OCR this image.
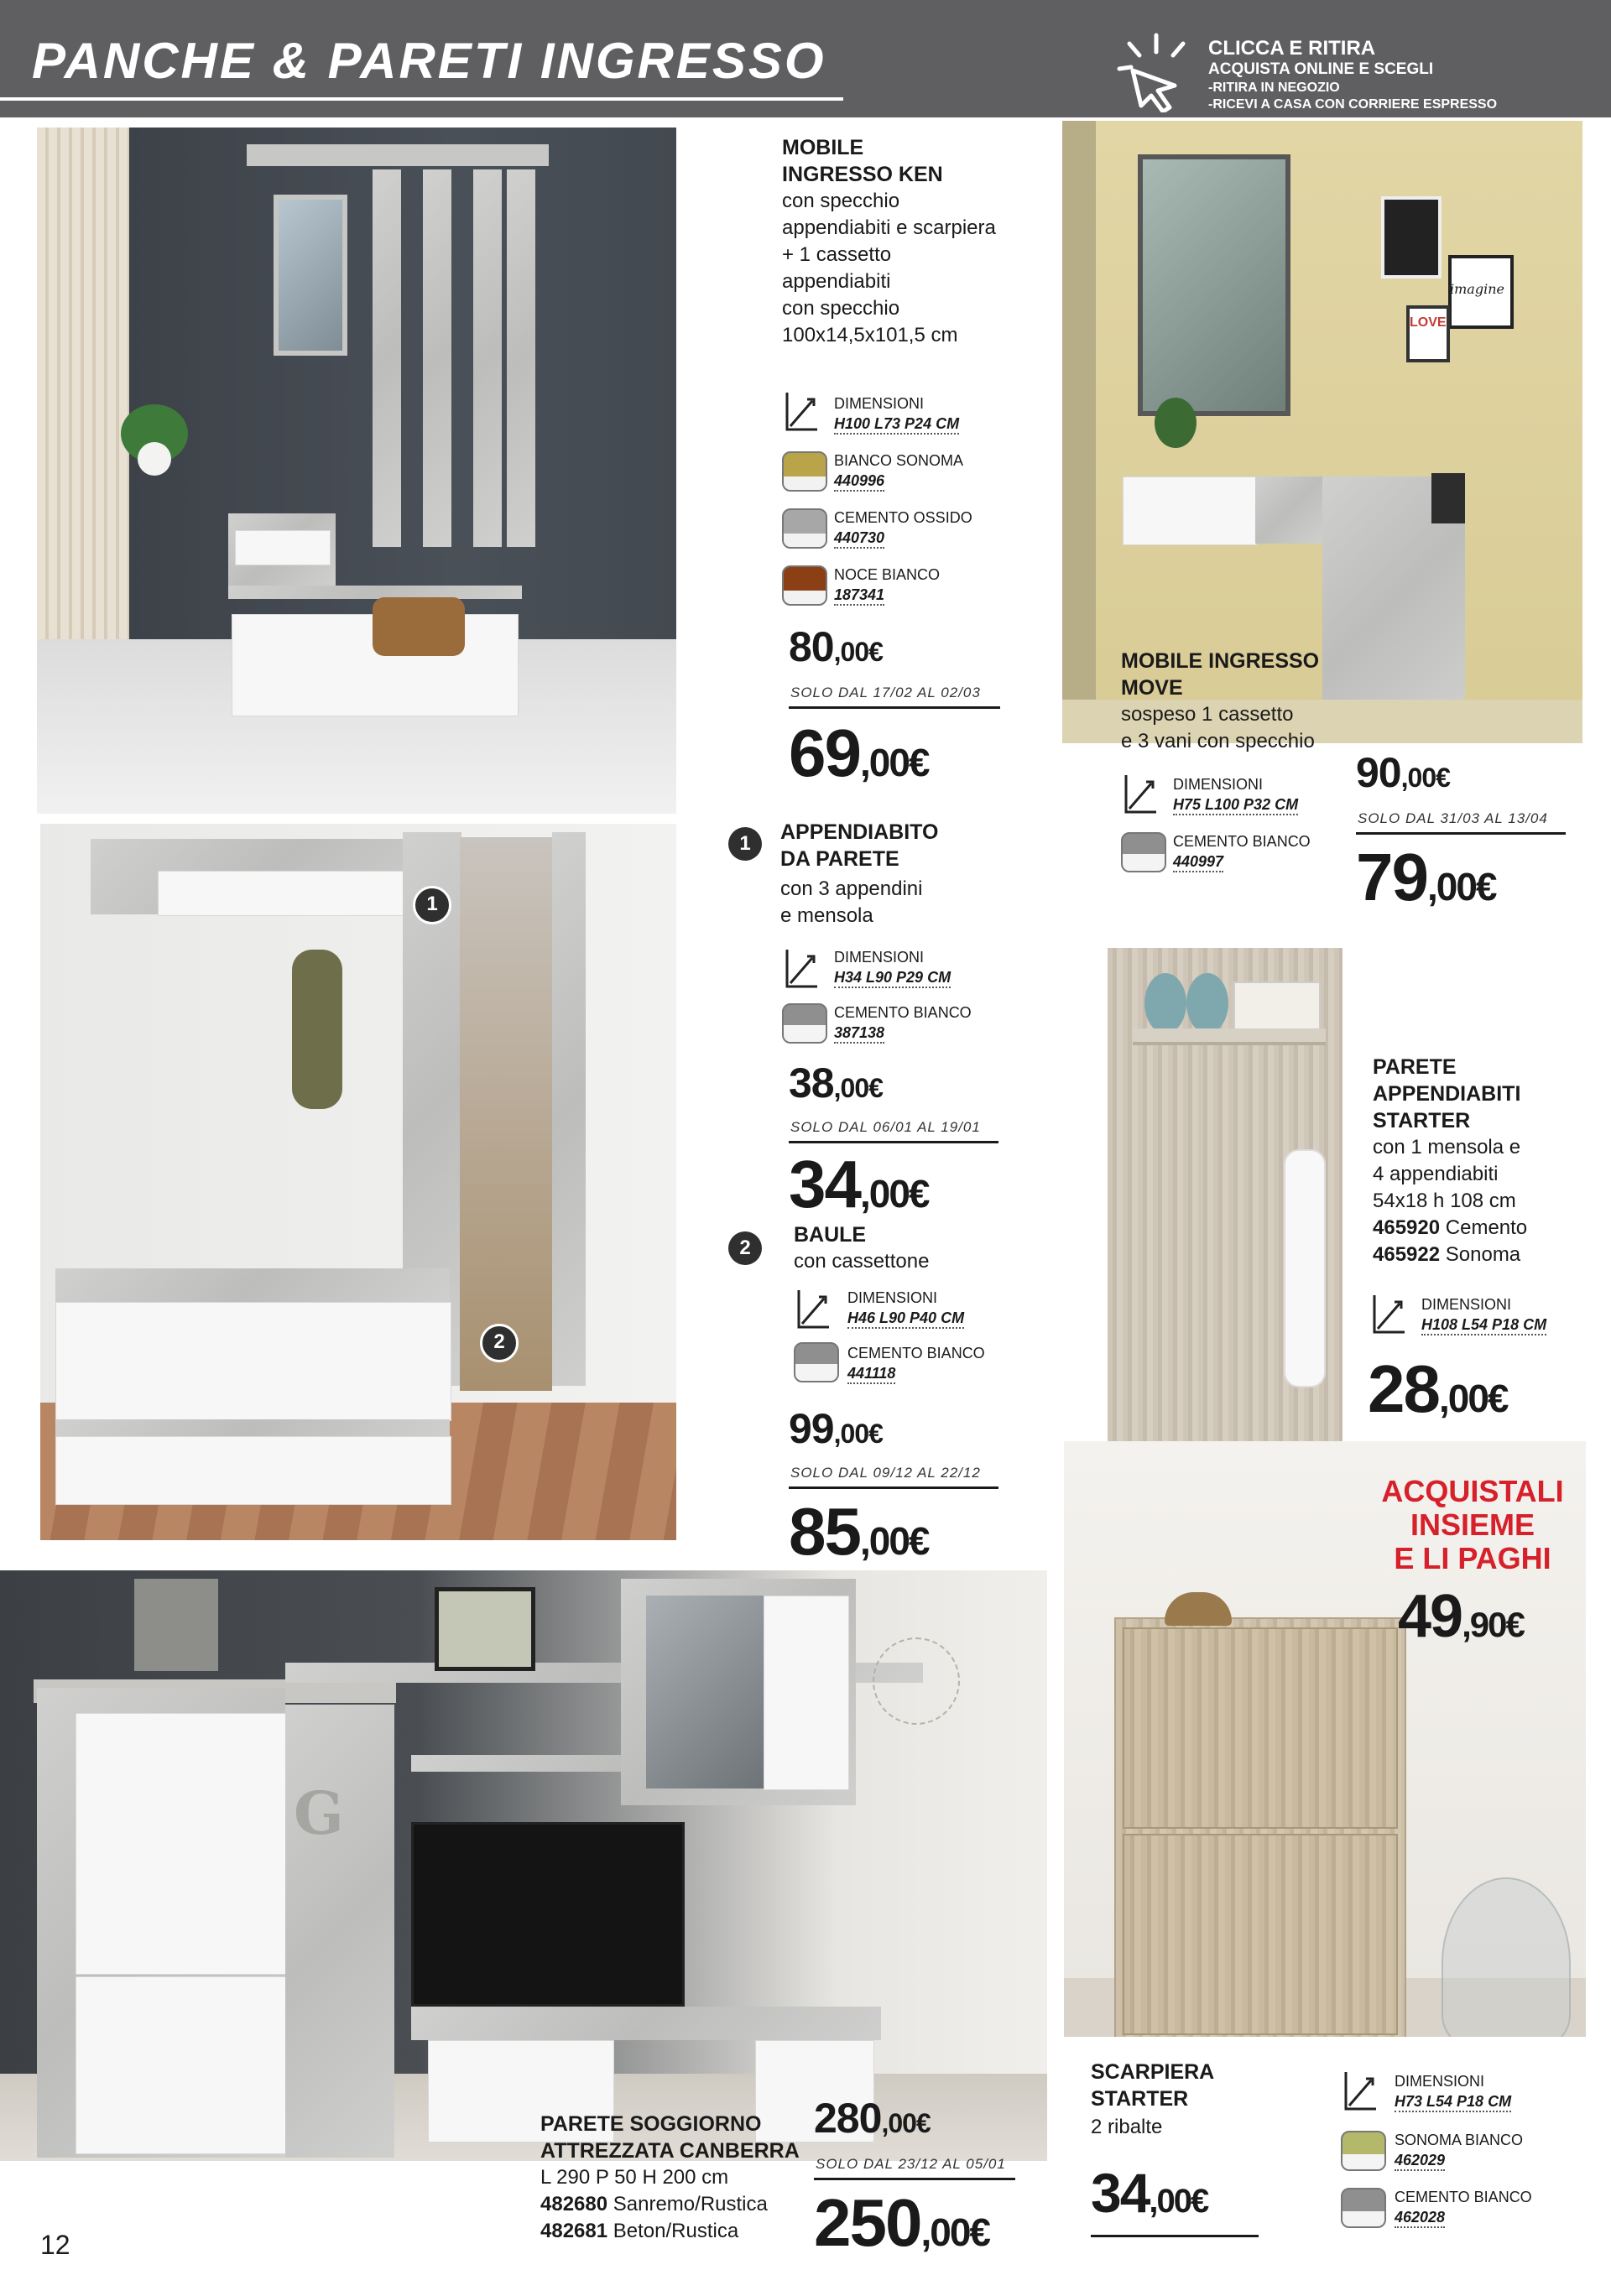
PANCHE & PARETI INGRESSO	CLICCA E RITIRA
ACQUISTA ONLINE E SCEGLI
-RITIRA IN NEGOZIO
-RICEVI A CASA CON CORRIERE ESPRESSO
MOBILE
INGRESSO KEN
con specchio
appendiabiti e scarpiera
+ 1 cassetto
appendiabiti
con specchio
100x14,5x101,5 cm
DIMENSIONI
H100 L73 P24 CM
BIANCO SONOMA
440996
CEMENTO OSSIDO
440730
NOCE BIANCO
187341
80,00€
SOLO DAL 17/02 AL 02/03
69,00€
imagine
LOVE
MOBILE INGRESSO
MOVE
sospeso 1 cassetto
e 3 vani con specchio
DIMENSIONI
H75 L100 P32 CM
CEMENTO BIANCO
440997
90,00€
SOLO DAL 31/03 AL 13/04
79,00€
1
2
1	APPENDIABITO
DA PARETE
con 3 appendini
e mensola
DIMENSIONI
H34 L90 P29 CM
CEMENTO BIANCO
387138
38,00€
SOLO DAL 06/01 AL 19/01
34,00€
2
BAULE
con cassettone
DIMENSIONI
H46 L90 P40 CM
CEMENTO BIANCO
441118
99,00€
SOLO DAL 09/12 AL 22/12
85,00€
PARETE
APPENDIABITI
STARTER
con 1 mensola e
4 appendiabiti
54x18 h 108 cm
465920 Cemento
465922 Sonoma
DIMENSIONI
H108 L54 P18 CM
28,00€
ACQUISTALI
INSIEME
E LI PAGHI
49,90€
G
PARETE SOGGIORNO
ATTREZZATA CANBERRA
L 290 P 50 H 200 cm
482680 Sanremo/Rustica
482681 Beton/Rustica
280,00€
SOLO DAL 23/12 AL 05/01
250,00€
SCARPIERA
STARTER
2 ribalte
34,00€
DIMENSIONI
H73 L54 P18 CM
SONOMA BIANCO
462029
CEMENTO BIANCO
462028
12
